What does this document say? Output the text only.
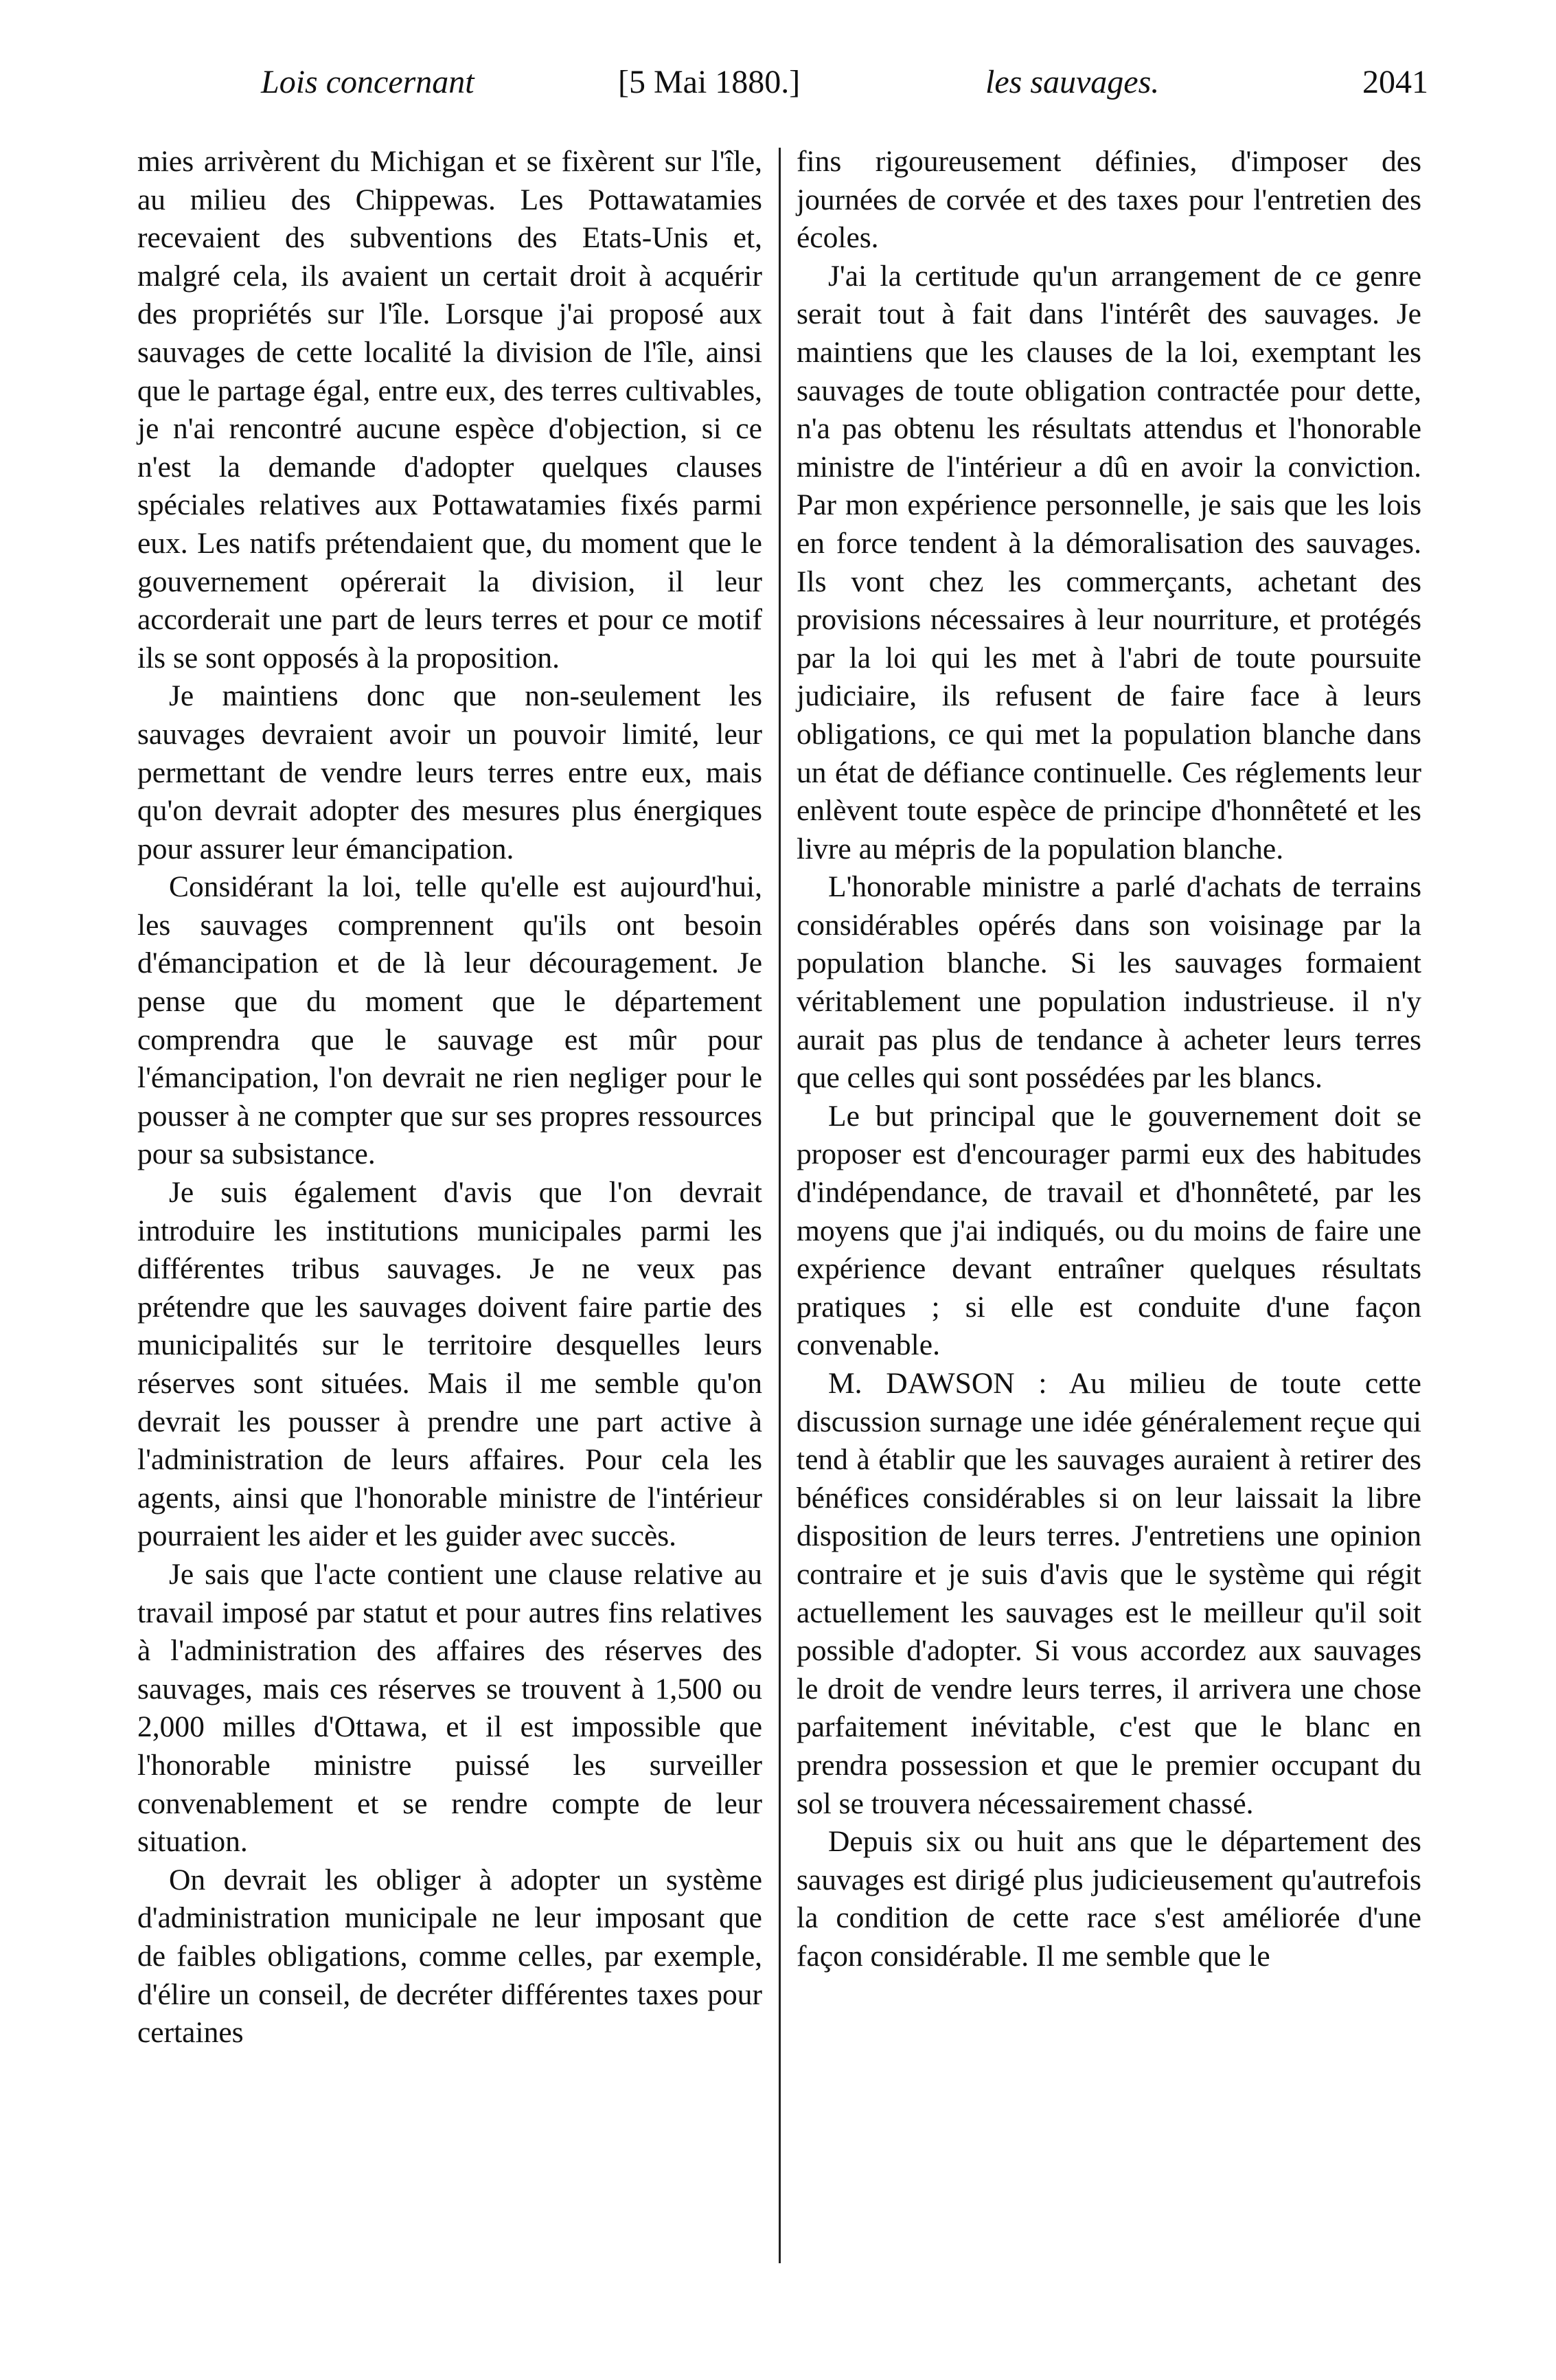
Lois concernant	[5 Mai 1880.]	les sauvages.	2041

mies arrivèrent du Michigan et se fixèrent sur l'île, au milieu des Chippewas. Les Pottawatamies recevaient des subventions des Etats-Unis et, malgré cela, ils avaient un certait droit à acquérir des propriétés sur l'île. Lorsque j'ai proposé aux sauvages de cette localité la division de l'île, ainsi que le partage égal, entre eux, des terres cultivables, je n'ai rencontré aucune espèce d'objection, si ce n'est la demande d'adopter quelques clauses spéciales relatives aux Pottawatamies fixés parmi eux. Les natifs prétendaient que, du moment que le gouvernement opérerait la division, il leur accorderait une part de leurs terres et pour ce motif ils se sont opposés à la proposition.

Je maintiens donc que non-seulement les sauvages devraient avoir un pouvoir limité, leur permettant de vendre leurs terres entre eux, mais qu'on devrait adopter des mesures plus énergiques pour assurer leur émancipation.

Considérant la loi, telle qu'elle est aujourd'hui, les sauvages comprennent qu'ils ont besoin d'émancipation et de là leur découragement. Je pense que du moment que le département comprendra que le sauvage est mûr pour l'émancipation, l'on devrait ne rien negliger pour le pousser à ne compter que sur ses propres ressources pour sa subsistance.

Je suis également d'avis que l'on devrait introduire les institutions municipales parmi les différentes tribus sauvages. Je ne veux pas prétendre que les sauvages doivent faire partie des municipalités sur le territoire desquelles leurs réserves sont situées. Mais il me semble qu'on devrait les pousser à prendre une part active à l'administration de leurs affaires. Pour cela les agents, ainsi que l'honorable ministre de l'intérieur pourraient les aider et les guider avec succès.

Je sais que l'acte contient une clause relative au travail imposé par statut et pour autres fins relatives à l'administration des affaires des réserves des sauvages, mais ces réserves se trouvent à 1,500 ou 2,000 milles d'Ottawa, et il est impossible que l'honorable ministre puissé les surveiller convenablement et se rendre compte de leur situation.

On devrait les obliger à adopter un système d'administration municipale ne leur imposant que de faibles obligations, comme celles, par exemple, d'élire un conseil, de decréter différentes taxes pour certaines

fins rigoureusement définies, d'imposer des journées de corvée et des taxes pour l'entretien des écoles.

J'ai la certitude qu'un arrangement de ce genre serait tout à fait dans l'intérêt des sauvages. Je maintiens que les clauses de la loi, exemptant les sauvages de toute obligation contractée pour dette, n'a pas obtenu les résultats attendus et l'honorable ministre de l'intérieur a dû en avoir la conviction. Par mon expérience personnelle, je sais que les lois en force tendent à la démoralisation des sauvages. Ils vont chez les commerçants, achetant des provisions nécessaires à leur nourriture, et protégés par la loi qui les met à l'abri de toute poursuite judiciaire, ils refusent de faire face à leurs obligations, ce qui met la population blanche dans un état de défiance continuelle. Ces réglements leur enlèvent toute espèce de principe d'honnêteté et les livre au mépris de la population blanche.

L'honorable ministre a parlé d'achats de terrains considérables opérés dans son voisinage par la population blanche. Si les sauvages formaient véritablement une population industrieuse. il n'y aurait pas plus de tendance à acheter leurs terres que celles qui sont possédées par les blancs.

Le but principal que le gouvernement doit se proposer est d'encourager parmi eux des habitudes d'indépendance, de travail et d'honnêteté, par les moyens que j'ai indiqués, ou du moins de faire une expérience devant entraîner quelques résultats pratiques ; si elle est conduite d'une façon convenable.

M. DAWSON : Au milieu de toute cette discussion surnage une idée généralement reçue qui tend à établir que les sauvages auraient à retirer des bénéfices considérables si on leur laissait la libre disposition de leurs terres. J'entretiens une opinion contraire et je suis d'avis que le système qui régit actuellement les sauvages est le meilleur qu'il soit possible d'adopter. Si vous accordez aux sauvages le droit de vendre leurs terres, il arrivera une chose parfaitement inévitable, c'est que le blanc en prendra possession et que le premier occupant du sol se trouvera nécessairement chassé.

Depuis six ou huit ans que le département des sauvages est dirigé plus judicieusement qu'autrefois la condition de cette race s'est améliorée d'une façon considérable. Il me semble que le
